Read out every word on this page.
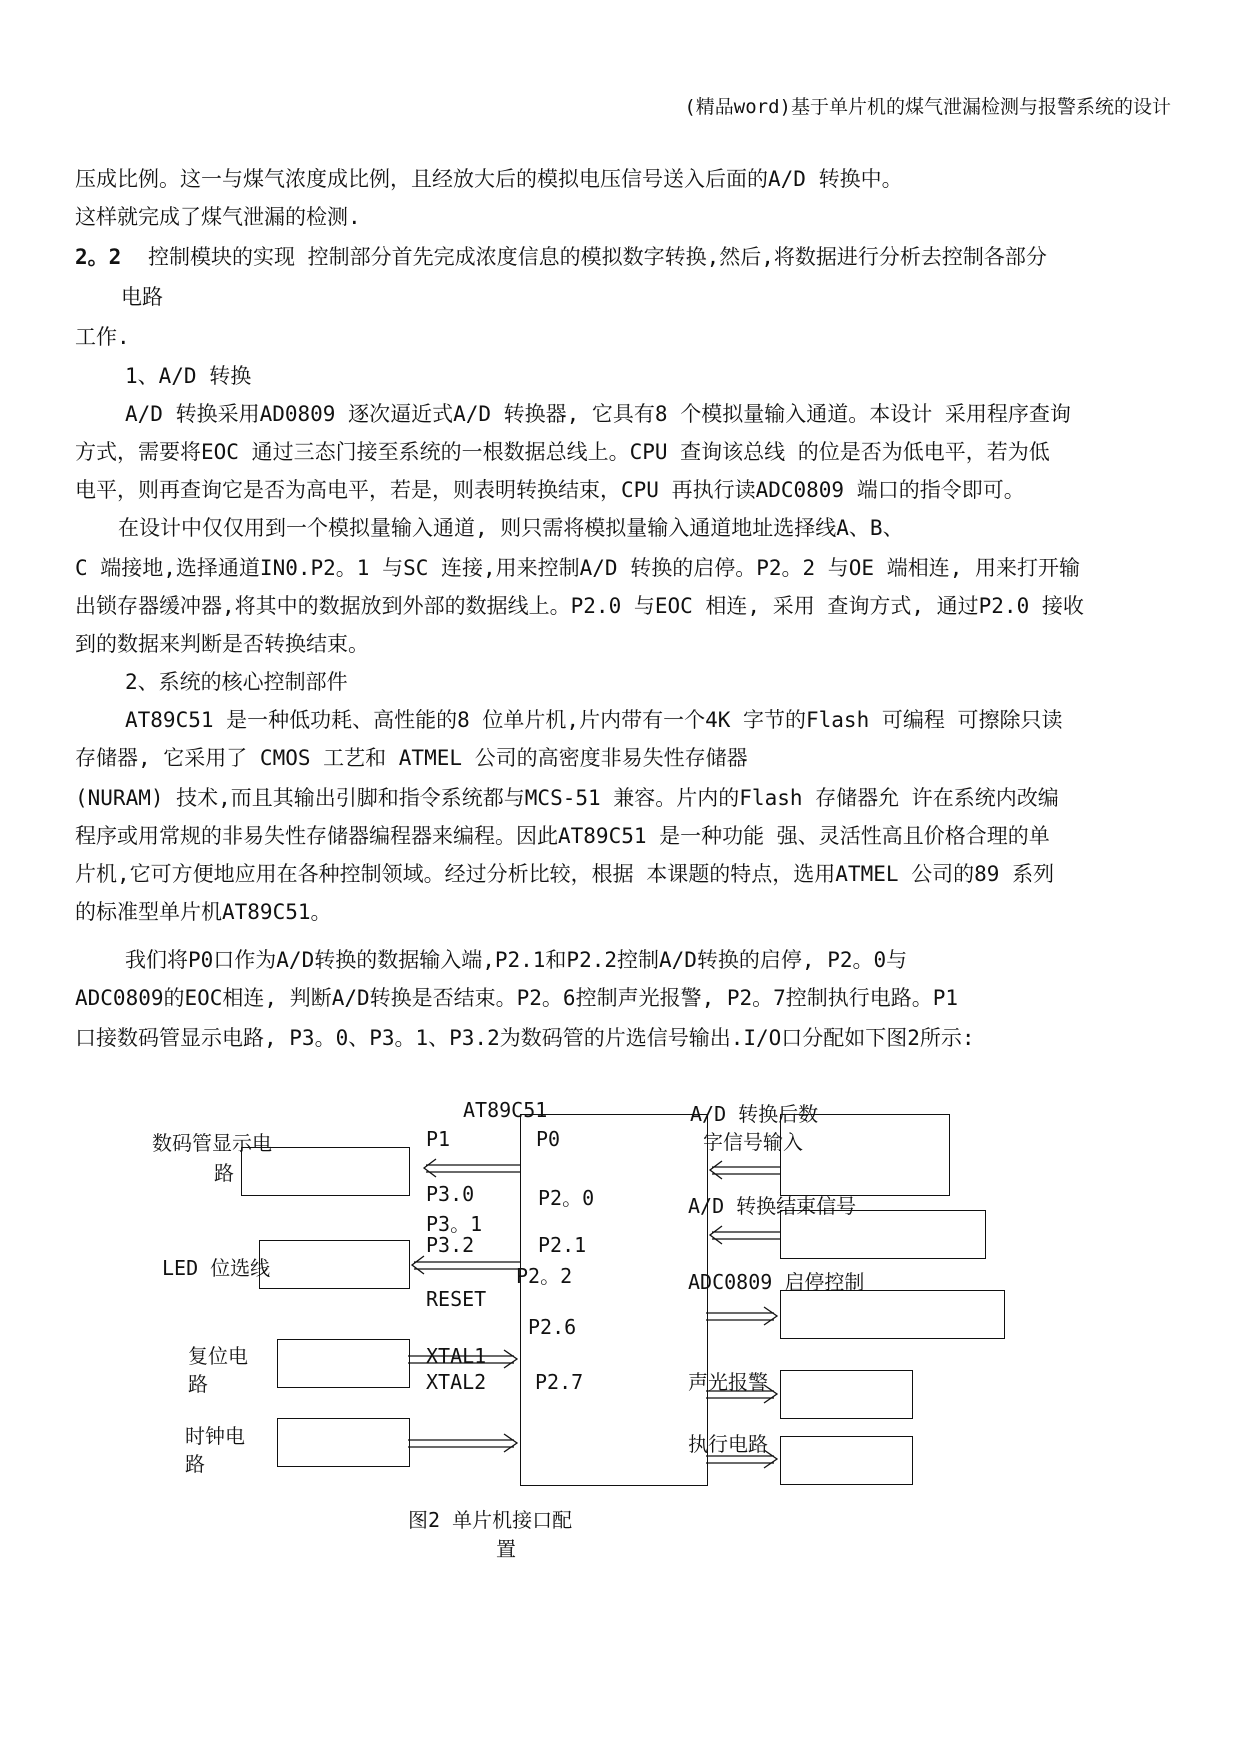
(精品word)基于单片机的煤气泄漏检测与报警系统的设计
压成比例。这一与煤气浓度成比例，且经放大后的模拟电压信号送入后面的A/D 转换中。
这样就完成了煤气泄漏的检测.
2。2 控制模块的实现 控制部分首先完成浓度信息的模拟数字转换,然后,将数据进行分析去控制各部分
电路
工作.
1、A/D 转换
A/D 转换采用AD0809 逐次逼近式A/D 转换器, 它具有8 个模拟量输入通道。本设计 采用程序查询
方式，需要将EOC 通过三态门接至系统的一根数据总线上。CPU 查询该总线 的位是否为低电平，若为低
电平，则再查询它是否为高电平，若是，则表明转换结束，CPU 再执行读ADC0809 端口的指令即可。
在设计中仅仅用到一个模拟量输入通道, 则只需将模拟量输入通道地址选择线A、B、
C 端接地,选择通道IN0.P2。1 与SC 连接,用来控制A/D 转换的启停。P2。2 与OE 端相连, 用来打开输
出锁存器缓冲器,将其中的数据放到外部的数据线上。P2.0 与EOC 相连, 采用 查询方式, 通过P2.0 接收
到的数据来判断是否转换结束。
2、系统的核心控制部件
AT89C51 是一种低功耗、高性能的8 位单片机,片内带有一个4K 字节的Flash 可编程 可擦除只读
存储器, 它采用了 CMOS 工艺和 ATMEL 公司的高密度非易失性存储器
(NURAM) 技术,而且其输出引脚和指令系统都与MCS-51 兼容。片内的Flash 存储器允 许在系统内改编
程序或用常规的非易失性存储器编程器来编程。因此AT89C51 是一种功能 强、灵活性高且价格合理的单
片机,它可方便地应用在各种控制领域。经过分析比较，根据 本课题的特点，选用ATMEL 公司的89 系列
的标准型单片机AT89C51。
我们将P0口作为A/D转换的数据输入端,P2.1和P2.2控制A/D转换的启停, P2。0与
ADC0809的EOC相连, 判断A/D转换是否结束。P2。6控制声光报警, P2。7控制执行电路。P1
口接数码管显示电路, P3。0、P3。1、P3.2为数码管的片选信号输出.I/O口分配如下图2所示:
AT89C51
数码管显示电
路
LED 位选线
复位电
路
时钟电
路
P1
P3.0
P3。1
P3.2
RESET
XTAL1
XTAL2
P0
P2。0
P2.1
P2。2
P2.6
P2.7
A/D 转换后数
字信号输入
A/D 转换结束信号
ADC0809 启停控制
声光报警
执行电路
图2 单片机接口配
置
